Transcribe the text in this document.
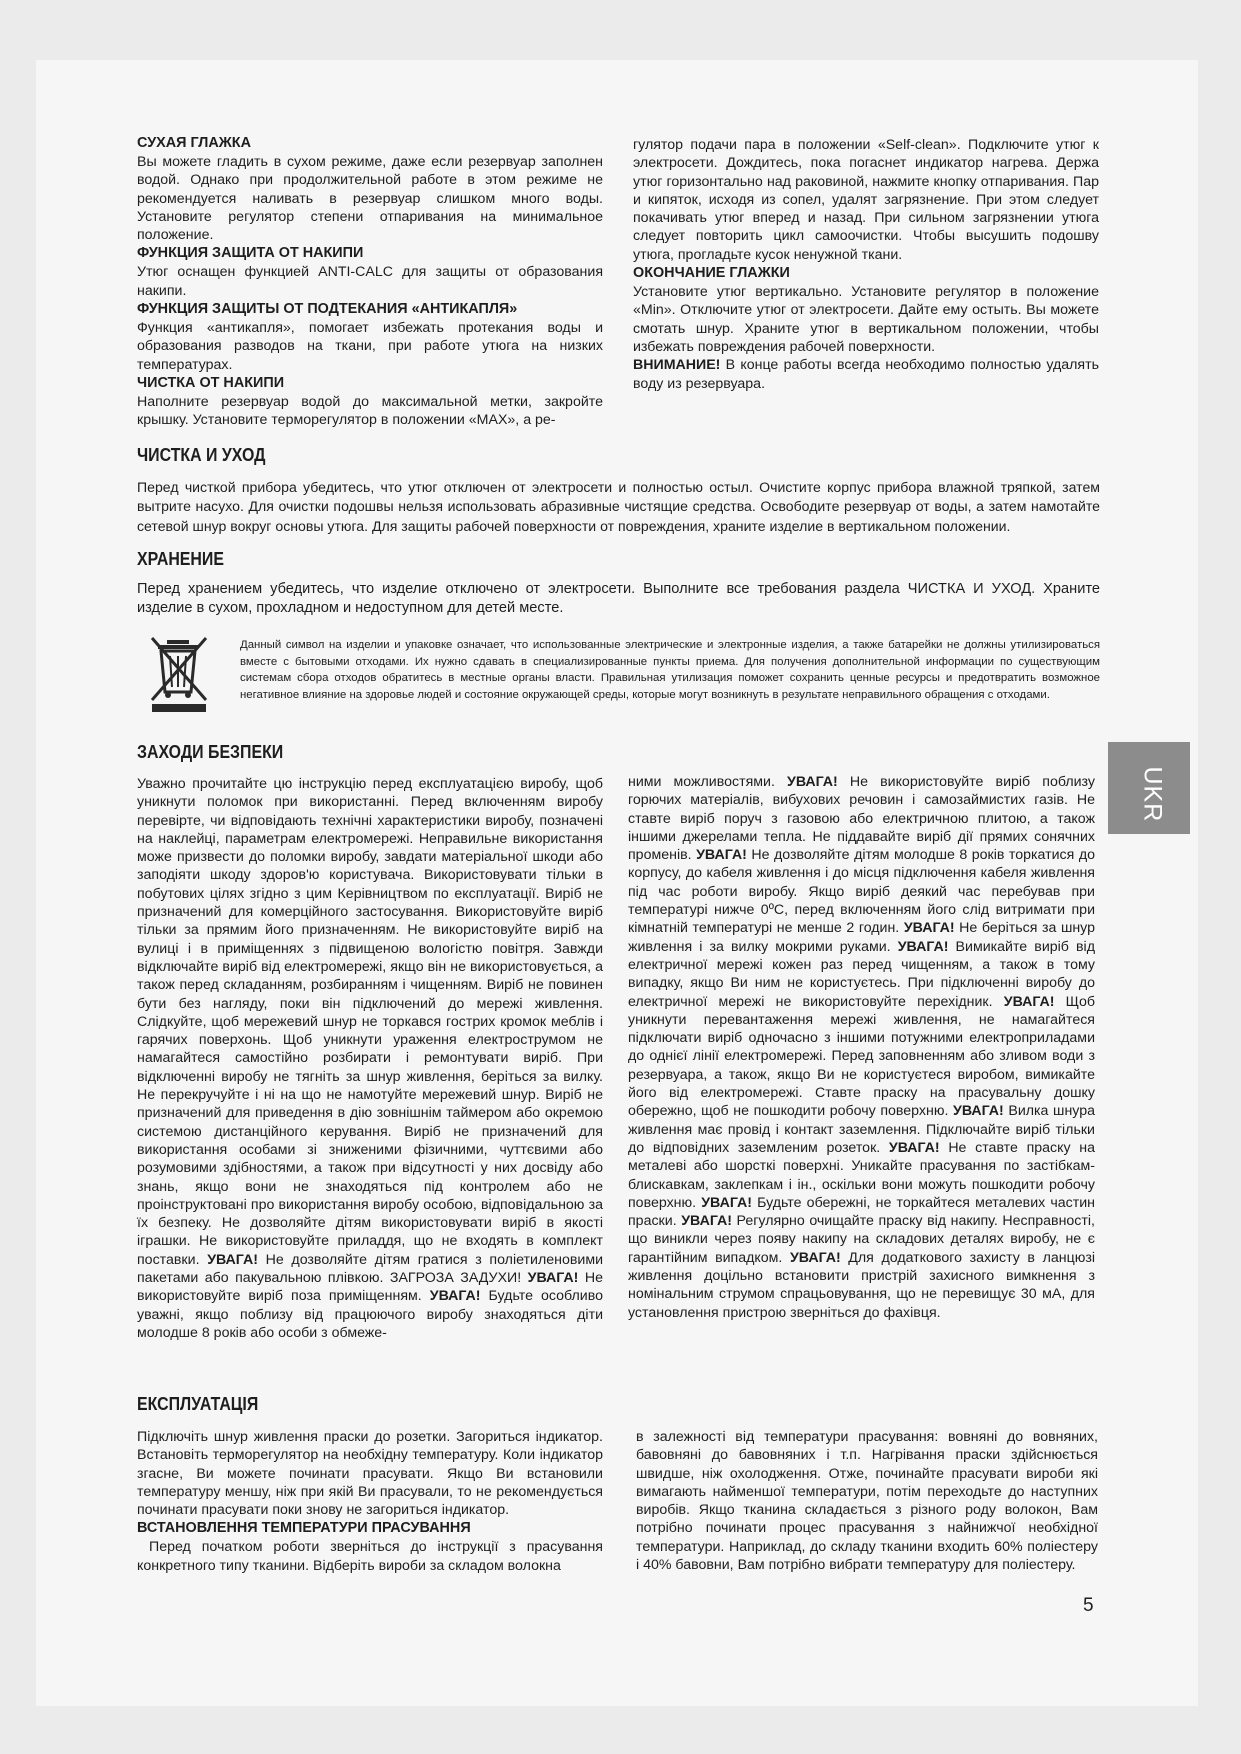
СУХАЯ ГЛАЖКА

Вы можете гладить в сухом режиме, даже если резервуар заполнен водой. Однако при продолжительной работе в этом режиме не рекомендуется наливать в резервуар слишком много воды. Установите регулятор степени отпаривания на минимальное положение.

ФУНКЦИЯ ЗАЩИТА ОТ НАКИПИ

Утюг оснащен функцией ANTI-CALC для защиты от образования накипи.

ФУНКЦИЯ ЗАЩИТЫ ОТ ПОДТЕКАНИЯ «АНТИКАПЛЯ»

Функция «антикапля», помогает избежать протекания воды и образования разводов на ткани, при работе утюга на низких температурах.

ЧИСТКА ОТ НАКИПИ

Наполните резервуар водой до максимальной метки, закройте крышку. Установите терморегулятор в положении «MAX», а ре-

гулятор подачи пара в положении «Self-clean». Подключите утюг к электросети. Дождитесь, пока погаснет индикатор нагрева. Держа утюг горизонтально над раковиной, нажмите кнопку отпаривания. Пар и кипяток, исходя из сопел, удалят загрязнение. При этом следует покачивать утюг вперед и назад. При сильном загрязнении утюга следует повторить цикл самоочистки. Чтобы высушить подошву утюга, прогладьте кусок ненужной ткани.

ОКОНЧАНИЕ ГЛАЖКИ

Установите утюг вертикально. Установите регулятор в положение «Min». Отключите утюг от электросети. Дайте ему остыть. Вы можете смотать шнур. Храните утюг в вертикальном положении, чтобы избежать повреждения рабочей поверхности.

ВНИМАНИЕ! В конце работы всегда необходимо полностью удалять воду из резервуара.

ЧИСТКА И УХОД

Перед чисткой прибора убедитесь, что утюг отключен от электросети и полностью остыл. Очистите корпус прибора влажной тряпкой, затем вытрите насухо. Для очистки подошвы нельзя использовать абразивные чистящие средства. Освободите резервуар от воды, а затем намотайте сетевой шнур вокруг основы утюга. Для защиты рабочей поверхности от повреждения, храните изделие в вертикальном положении.

ХРАНЕНИЕ

Перед хранением убедитесь, что изделие отключено от электросети. Выполните все требования раздела ЧИСТКА И УХОД. Храните изделие в сухом, прохладном и недоступном для детей месте.

Данный символ на изделии и упаковке означает, что использованные электрические и электронные изделия, а также батарейки не должны утилизироваться вместе с бытовыми отходами. Их нужно сдавать в специализированные пункты приема. Для получения дополнительной информации по существующим системам сбора отходов обратитесь в местные органы власти. Правильная утилизация поможет сохранить ценные ресурсы и предотвратить возможное негативное влияние на здоровье людей и состояние окружающей среды, которые могут возникнуть в результате неправильного обращения с отходами.

ЗАХОДИ БЕЗПЕКИ

Уважно прочитайте цю інструкцію перед експлуатацією виробу, щоб уникнути поломок при використанні. Перед включенням виробу перевірте, чи відповідають технічні характеристики виробу, позначені на наклейці, параметрам електромережі. Неправильне використання може призвести до поломки виробу, завдати матеріальної шкоди або заподіяти шкоду здоров'ю користувача. Використовувати тільки в побутових цілях згідно з цим Керівництвом по експлуатації. Виріб не призначений для комерційного застосування. Використовуйте виріб тільки за прямим його призначенням. Не використовуйте виріб на вулиці і в приміщеннях з підвищеною вологістю повітря. Завжди відключайте виріб від електромережі, якщо він не використовується, а також перед складанням, розбиранням і чищенням. Виріб не повинен бути без нагляду, поки він підключений до мережі живлення. Слідкуйте, щоб мережевий шнур не торкався гострих кромок меблів і гарячих поверхонь. Щоб уникнути ураження електрострумом не намагайтеся самостійно розбирати і ремонтувати виріб. При відключенні виробу не тягніть за шнур живлення, беріться за вилку. Не перекручуйте і ні на що не намотуйте мережевий шнур. Виріб не призначений для приведення в дію зовнішнім таймером або окремою системою дистанційного керування. Виріб не призначений для використання особами зі зниженими фізичними, чуттєвими або розумовими здібностями, а також при відсутності у них досвіду або знань, якщо вони не знаходяться під контролем або не проінструктовані про використання виробу особою, відповідальною за їх безпеку. Не дозволяйте дітям використовувати виріб в якості іграшки. Не використовуйте приладдя, що не входять в комплект поставки. УВАГА! Не дозволяйте дітям гратися з поліетиленовими пакетами або пакувальною плівкою. ЗАГРОЗА ЗАДУХИ! УВАГА! Не використовуйте виріб поза приміщенням. УВАГА! Будьте особливо уважні, якщо поблизу від працюючого виробу знаходяться діти молодше 8 років або особи з обмеже-

ними можливостями. УВАГА! Не використовуйте виріб поблизу горючих матеріалів, вибухових речовин і самозаймистих газів. Не ставте виріб поруч з газовою або електричною плитою, а також іншими джерелами тепла. Не піддавайте виріб дії прямих сонячних променів. УВАГА! Не дозволяйте дітям молодше 8 років торкатися до корпусу, до кабеля живлення і до місця підключення кабеля живлення під час роботи виробу. Якщо виріб деякий час перебував при температурі нижче 0ºC, перед включенням його слід витримати при кімнатній температурі не менше 2 годин. УВАГА! Не беріться за шнур живлення і за вилку мокрими руками. УВАГА! Вимикайте виріб від електричної мережі кожен раз перед чищенням, а також в тому випадку, якщо Ви ним не користуєтесь. При підключенні виробу до електричної мережі не використовуйте перехідник. УВАГА! Щоб уникнути перевантаження мережі живлення, не намагайтеся підключати виріб одночасно з іншими потужними електроприладами до однієї лінії електромережі. Перед заповненням або зливом води з резервуара, а також, якщо Ви не користуєтеся виробом, вимикайте його від електромережі. Ставте праску на прасувальну дошку обережно, щоб не пошкодити робочу поверхню. УВАГА! Вилка шнура живлення має провід і контакт заземлення. Підключайте виріб тільки до відповідних заземленим розеток. УВАГА! Не ставте праску на металеві або шорсткі поверхні. Уникайте прасування по застібкам-блискавкам, заклепкам і ін., оскільки вони можуть пошкодити робочу поверхню. УВАГА! Будьте обережні, не торкайтеся металевих частин праски. УВАГА! Регулярно очищайте праску від накипу. Несправності, що виникли через появу накипу на складових деталях виробу, не є гарантійним випадком. УВАГА! Для додаткового захисту в ланцюзі живлення доцільно встановити пристрій захисного вимкнення з номінальним струмом спрацьовування, що не перевищує 30 мА, для установлення пристрою зверніться до фахівця.

ЕКСПЛУАТАЦІЯ

Підключіть шнур живлення праски до розетки. Загориться індикатор. Встановіть терморегулятор на необхідну температуру. Коли індикатор згасне, Ви можете починати прасувати. Якщо Ви встановили температуру меншу, ніж при якій Ви прасували, то не рекомендується починати прасувати поки знову не загориться індикатор.

ВСТАНОВЛЕННЯ ТЕМПЕРАТУРИ ПРАСУВАННЯ

Перед початком роботи зверніться до інструкції з прасування конкретного типу тканини. Відберіть вироби за складом волокна

в залежності від температури прасування: вовняні до вовняних, бавовняні до бавовняних і т.п. Нагрівання праски здійснюється швидше, ніж охолодження. Отже, починайте прасувати вироби які вимагають найменшої температури, потім переходьте до наступних виробів. Якщо тканина складається з різного роду волокон, Вам потрібно починати процес прасування з найнижчої необхідної температури. Наприклад, до складу тканини входить 60% поліестеру і 40% бавовни, Вам потрібно вибрати температуру для поліестеру.

UKR
5
